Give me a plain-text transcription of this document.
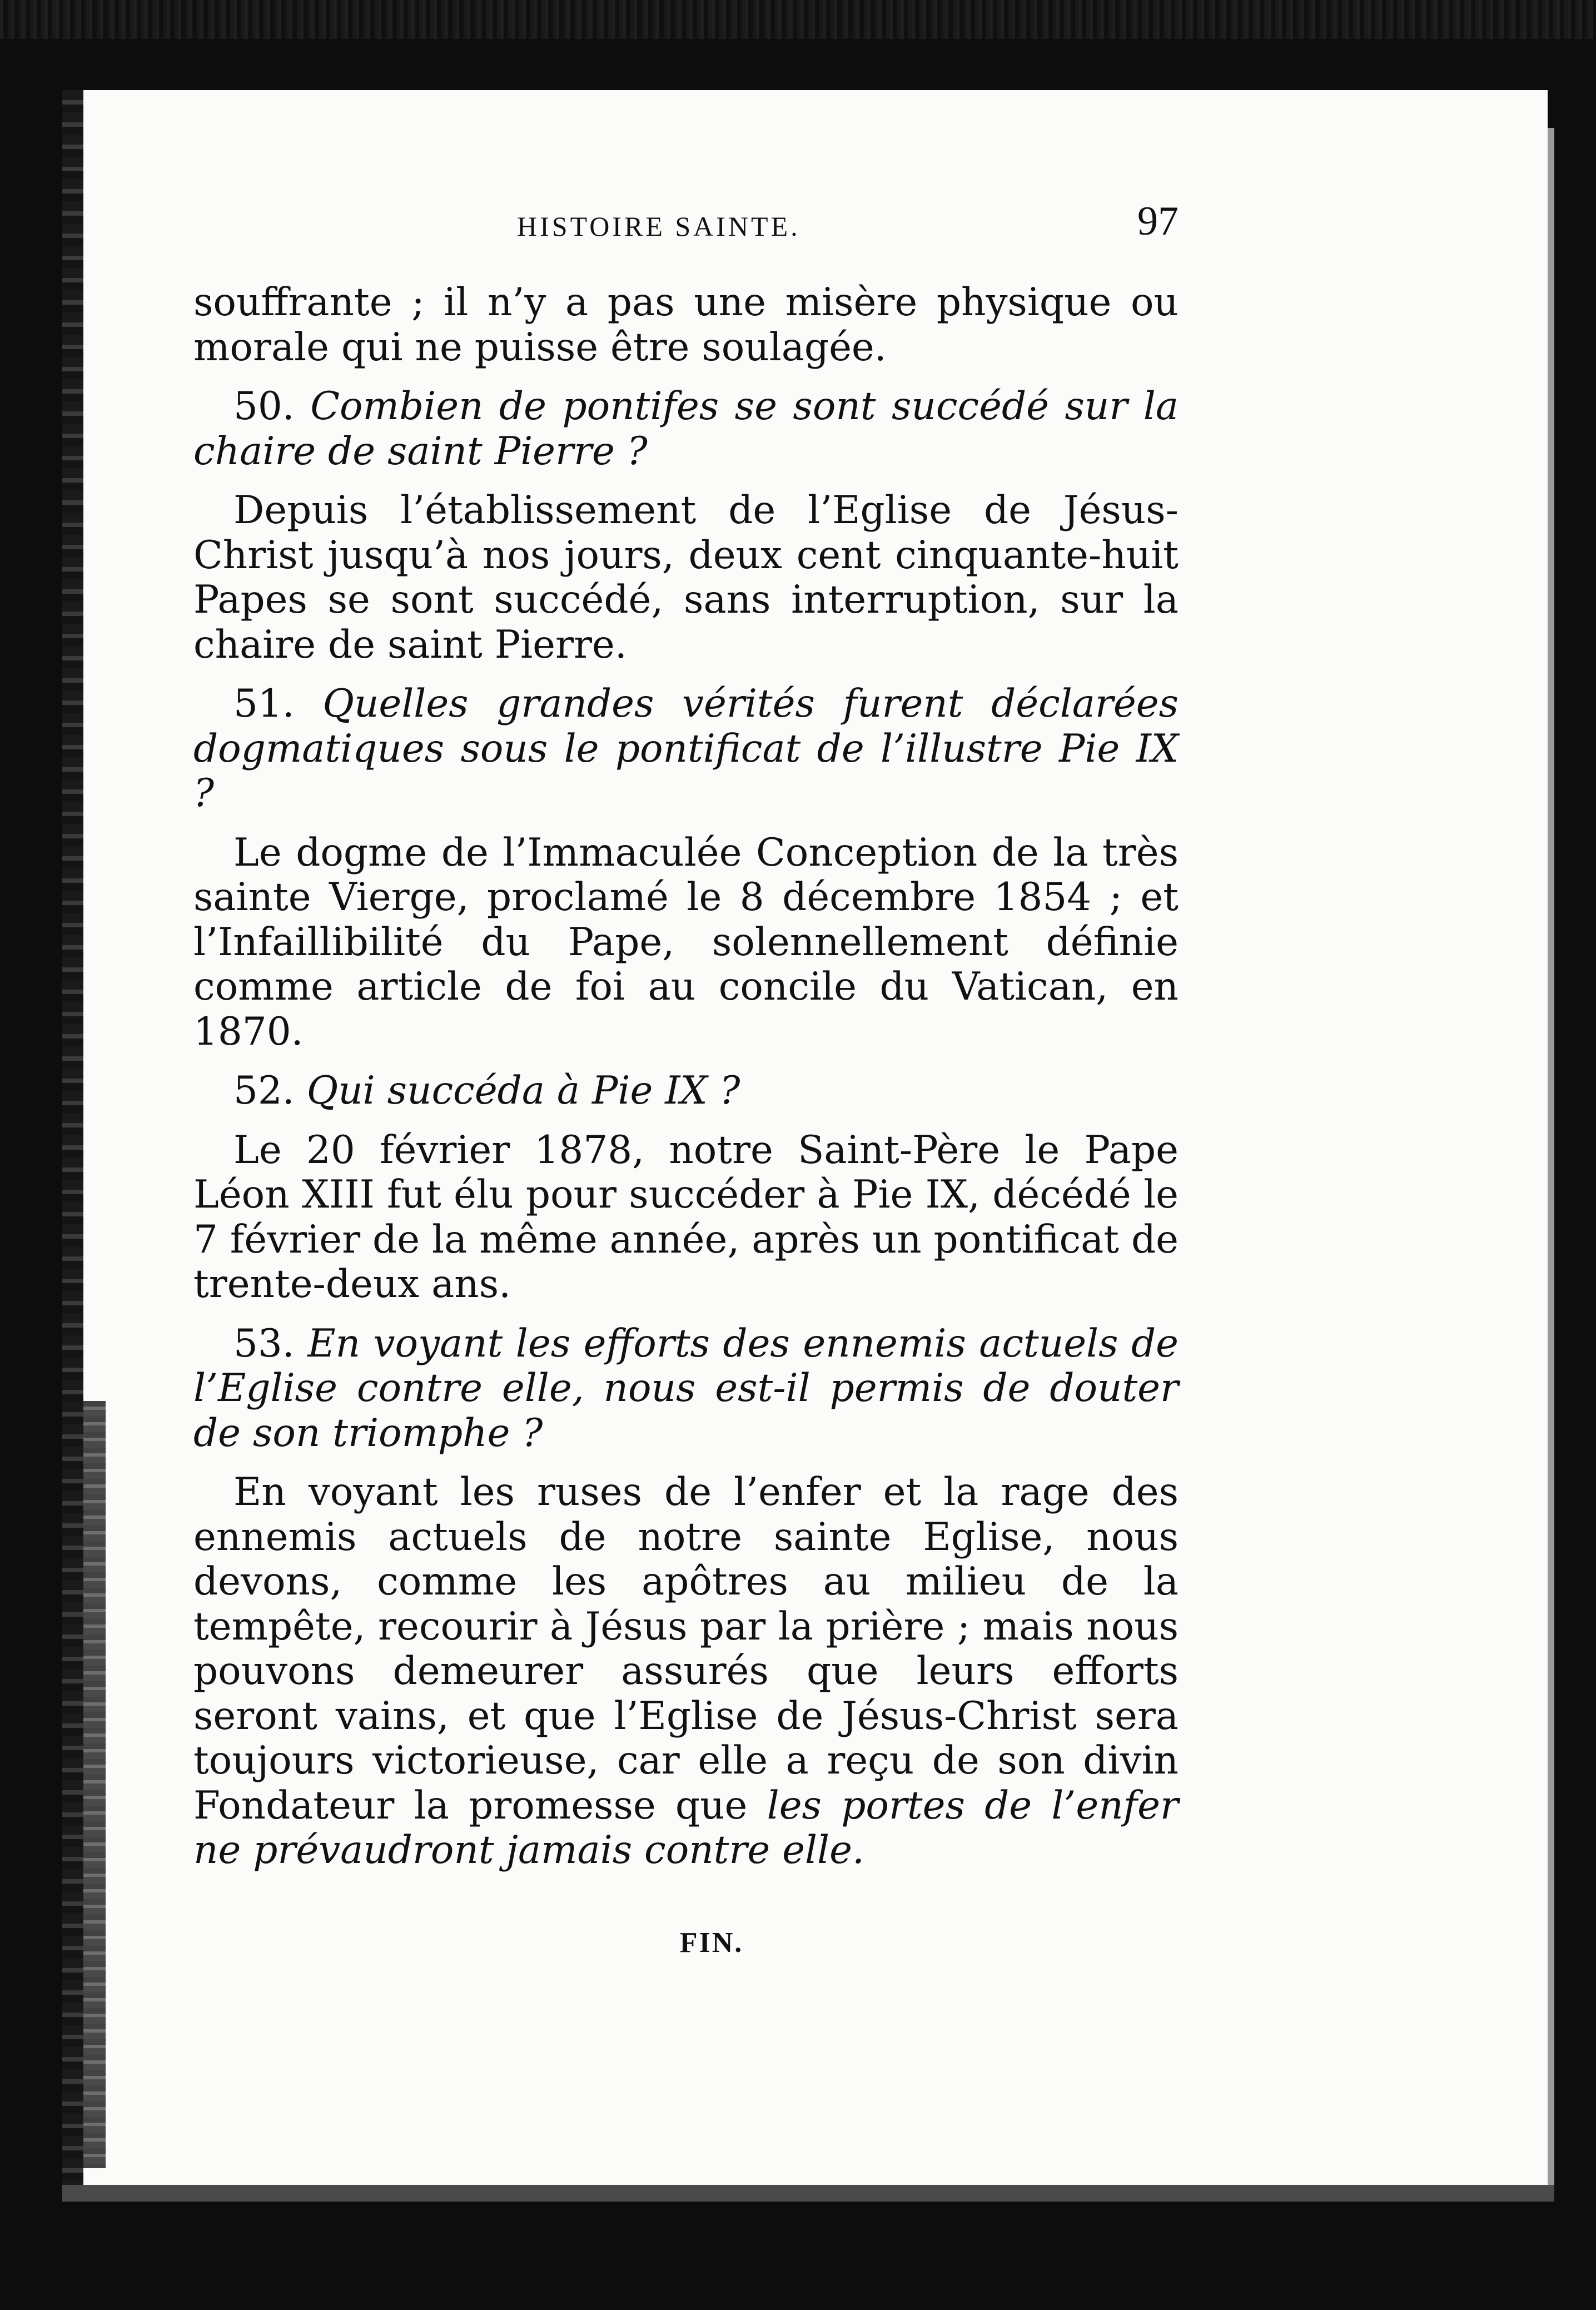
HISTOIRE SAINTE.	97

souffrante ; il n’y a pas une misère physique ou morale qui ne puisse être soulagée.

50. Combien de pontifes se sont succédé sur la chaire de saint Pierre ?

Depuis l’établissement de l’Eglise de Jésus-Christ jusqu’à nos jours, deux cent cinquante-huit Papes se sont succédé, sans interruption, sur la chaire de saint Pierre.

51. Quelles grandes vérités furent déclarées dogmatiques sous le pontificat de l’illustre Pie IX ?

Le dogme de l’Immaculée Conception de la très sainte Vierge, proclamé le 8 décembre 1854 ; et l’Infaillibilité du Pape, solennellement définie comme article de foi au concile du Vatican, en 1870.

52. Qui succéda à Pie IX ?

Le 20 février 1878, notre Saint-Père le Pape Léon XIII fut élu pour succéder à Pie IX, décédé le 7 février de la même année, après un pontificat de trente-deux ans.

53. En voyant les efforts des ennemis actuels de l’Eglise contre elle, nous est-il permis de douter de son triomphe ?

En voyant les ruses de l’enfer et la rage des ennemis actuels de notre sainte Eglise, nous devons, comme les apôtres au milieu de la tempête, recourir à Jésus par la prière ; mais nous pouvons demeurer assurés que leurs efforts seront vains, et que l’Eglise de Jésus-Christ sera toujours victorieuse, car elle a reçu de son divin Fondateur la promesse que les portes de l’enfer ne prévaudront jamais contre elle.

FIN.
